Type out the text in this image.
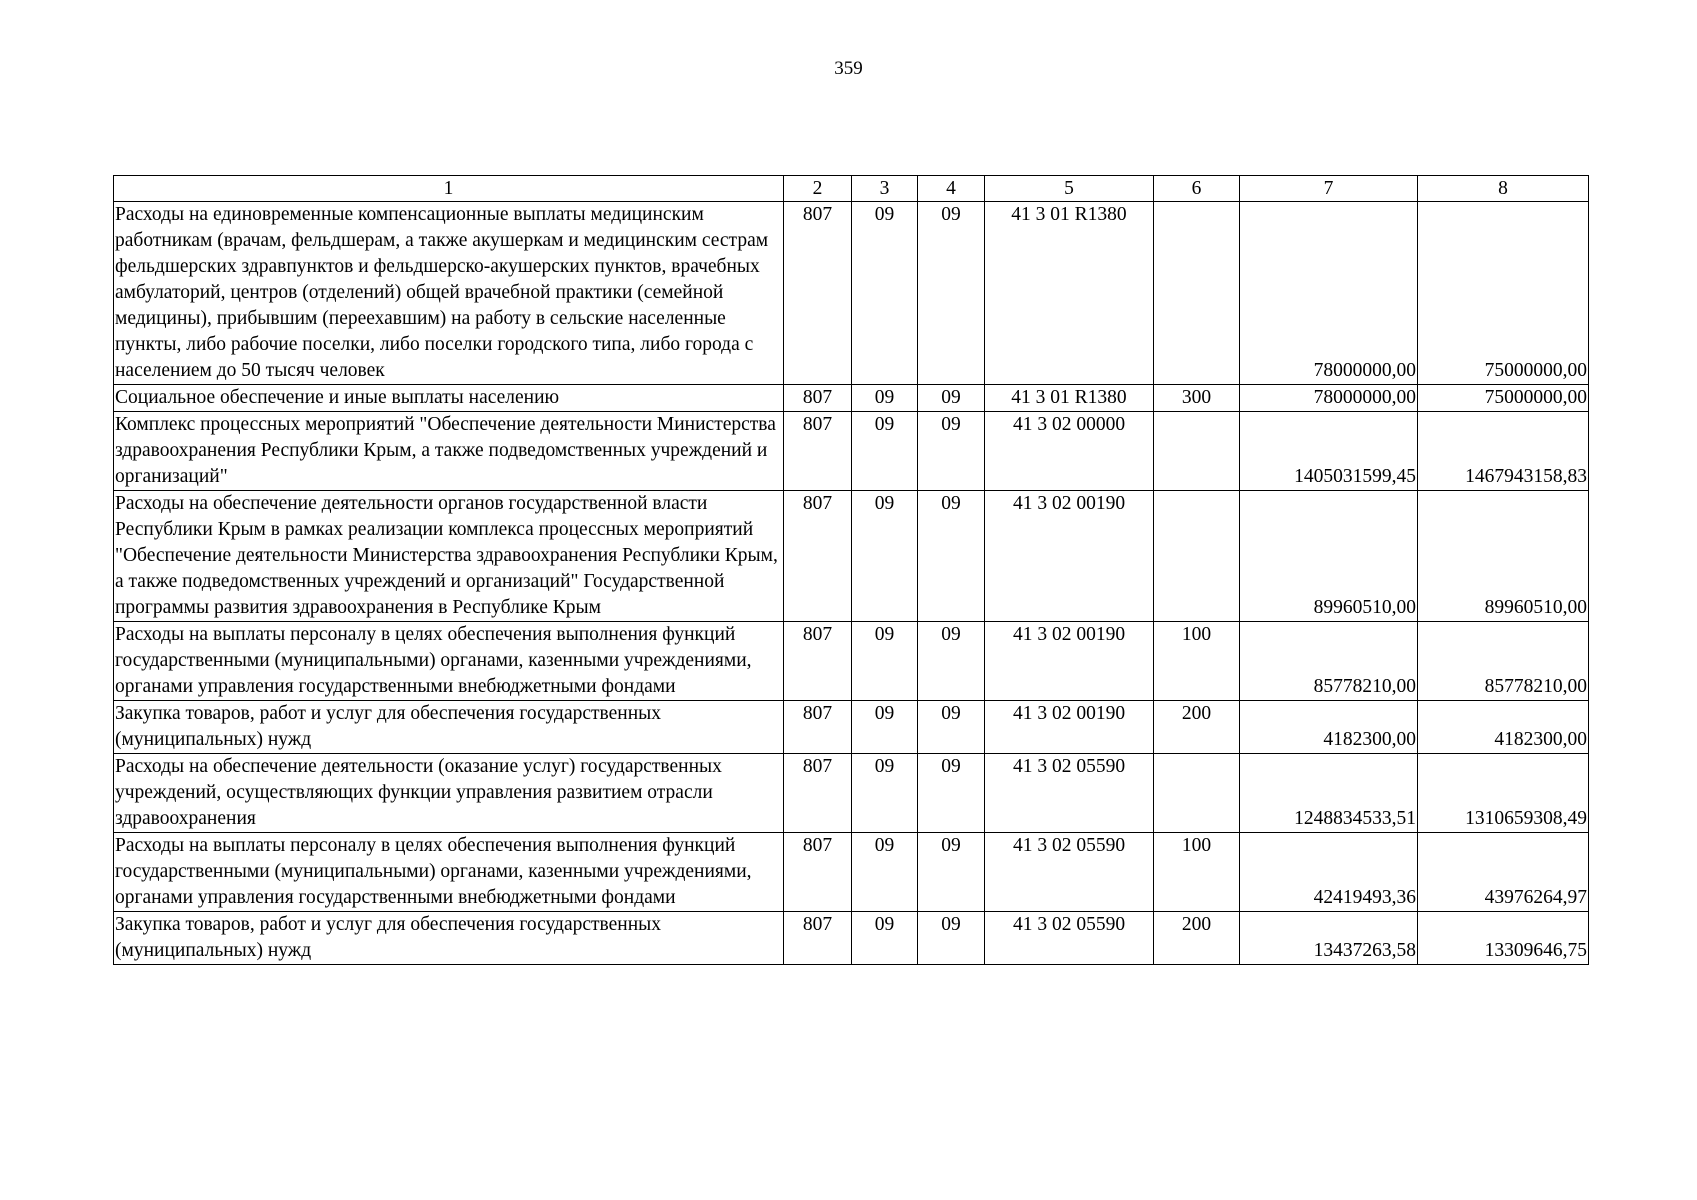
359
1	2	3	4	5	6	7	8
Расходы на единовременные компенсационные выплаты медицинским работникам (врачам, фельдшерам, а также акушеркам и медицинским сестрам фельдшерских здравпунктов и фельдшерско-акушерских пунктов, врачебных амбулаторий, центров (отделений) общей врачебной практики (семейной медицины), прибывшим (переехавшим) на работу в сельские населенные пункты, либо рабочие поселки, либо поселки городского типа, либо города с населением до 50 тысяч человек	807	09	09	41 3 01 R1380		78000000,00	75000000,00
Социальное обеспечение и иные выплаты населению	807	09	09	41 3 01 R1380	300	78000000,00	75000000,00
Комплекс процессных мероприятий "Обеспечение деятельности Министерства здравоохранения Республики Крым, а также подведомственных учреждений и организаций"	807	09	09	41 3 02 00000		1405031599,45	1467943158,83
Расходы на обеспечение деятельности органов государственной власти Республики Крым в рамках реализации комплекса процессных мероприятий "Обеспечение деятельности Министерства здравоохранения Республики Крым, а также подведомственных учреждений и организаций" Государственной программы развития здравоохранения в Республике Крым	807	09	09	41 3 02 00190		89960510,00	89960510,00
Расходы на выплаты персоналу в целях обеспечения выполнения функций государственными (муниципальными) органами, казенными учреждениями, органами управления государственными внебюджетными фондами	807	09	09	41 3 02 00190	100	85778210,00	85778210,00
Закупка товаров, работ и услуг для обеспечения государственных (муниципальных) нужд	807	09	09	41 3 02 00190	200	4182300,00	4182300,00
Расходы на обеспечение деятельности (оказание услуг) государственных учреждений, осуществляющих функции управления развитием отрасли здравоохранения	807	09	09	41 3 02 05590		1248834533,51	1310659308,49
Расходы на выплаты персоналу в целях обеспечения выполнения функций государственными (муниципальными) органами, казенными учреждениями, органами управления государственными внебюджетными фондами	807	09	09	41 3 02 05590	100	42419493,36	43976264,97
Закупка товаров, работ и услуг для обеспечения государственных (муниципальных) нужд	807	09	09	41 3 02 05590	200	13437263,58	13309646,75
